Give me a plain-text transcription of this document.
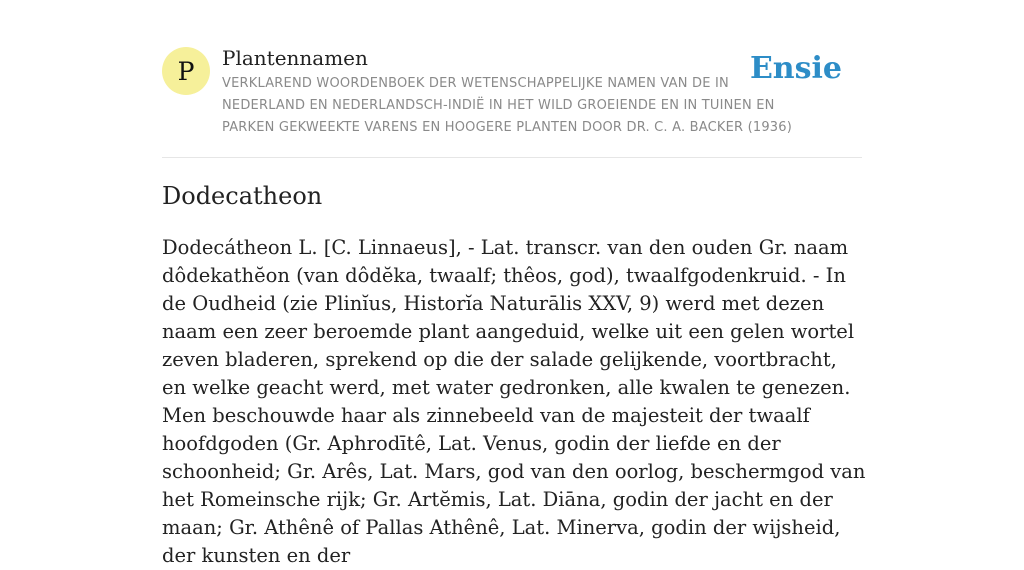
P	Plantennamen
VERKLAREND WOORDENBOEK DER WETENSCHAPPELIJKE NAMEN VAN DE IN NEDERLAND EN NEDERLANDSCH-INDIË IN HET WILD GROEIENDE EN IN TUINEN EN PARKEN GEKWEEKTE VARENS EN HOOGERE PLANTEN DOOR DR. C. A. BACKER (1936)
Ensie
Dodecatheon

Dodecátheon L. [C. Linnaeus], - Lat. transcr. van den ouden Gr. naam dôdekathĕon (van dôdĕka, twaalf; thêos, god), twaalfgodenkruid. - In de Oudheid (zie Plinĭus, Historĭa Naturālis XXV, 9) werd met dezen naam een zeer beroemde plant aangeduid, welke uit een gelen wortel zeven bladeren, sprekend op die der salade gelijkende, voortbracht, en welke geacht werd, met water gedronken, alle kwalen te genezen. Men beschouwde haar als zinnebeeld van de majesteit der twaalf hoofdgoden (Gr. Aphrodītê, Lat. Venus, godin der liefde en der schoonheid; Gr. Arês, Lat. Mars, god van den oorlog, beschermgod van het Romeinsche rijk; Gr. Artĕmis, Lat. Diāna, godin der jacht en der maan; Gr. Athênê of Pallas Athênê, Lat. Minerva, godin der wijsheid, der kunsten en der
